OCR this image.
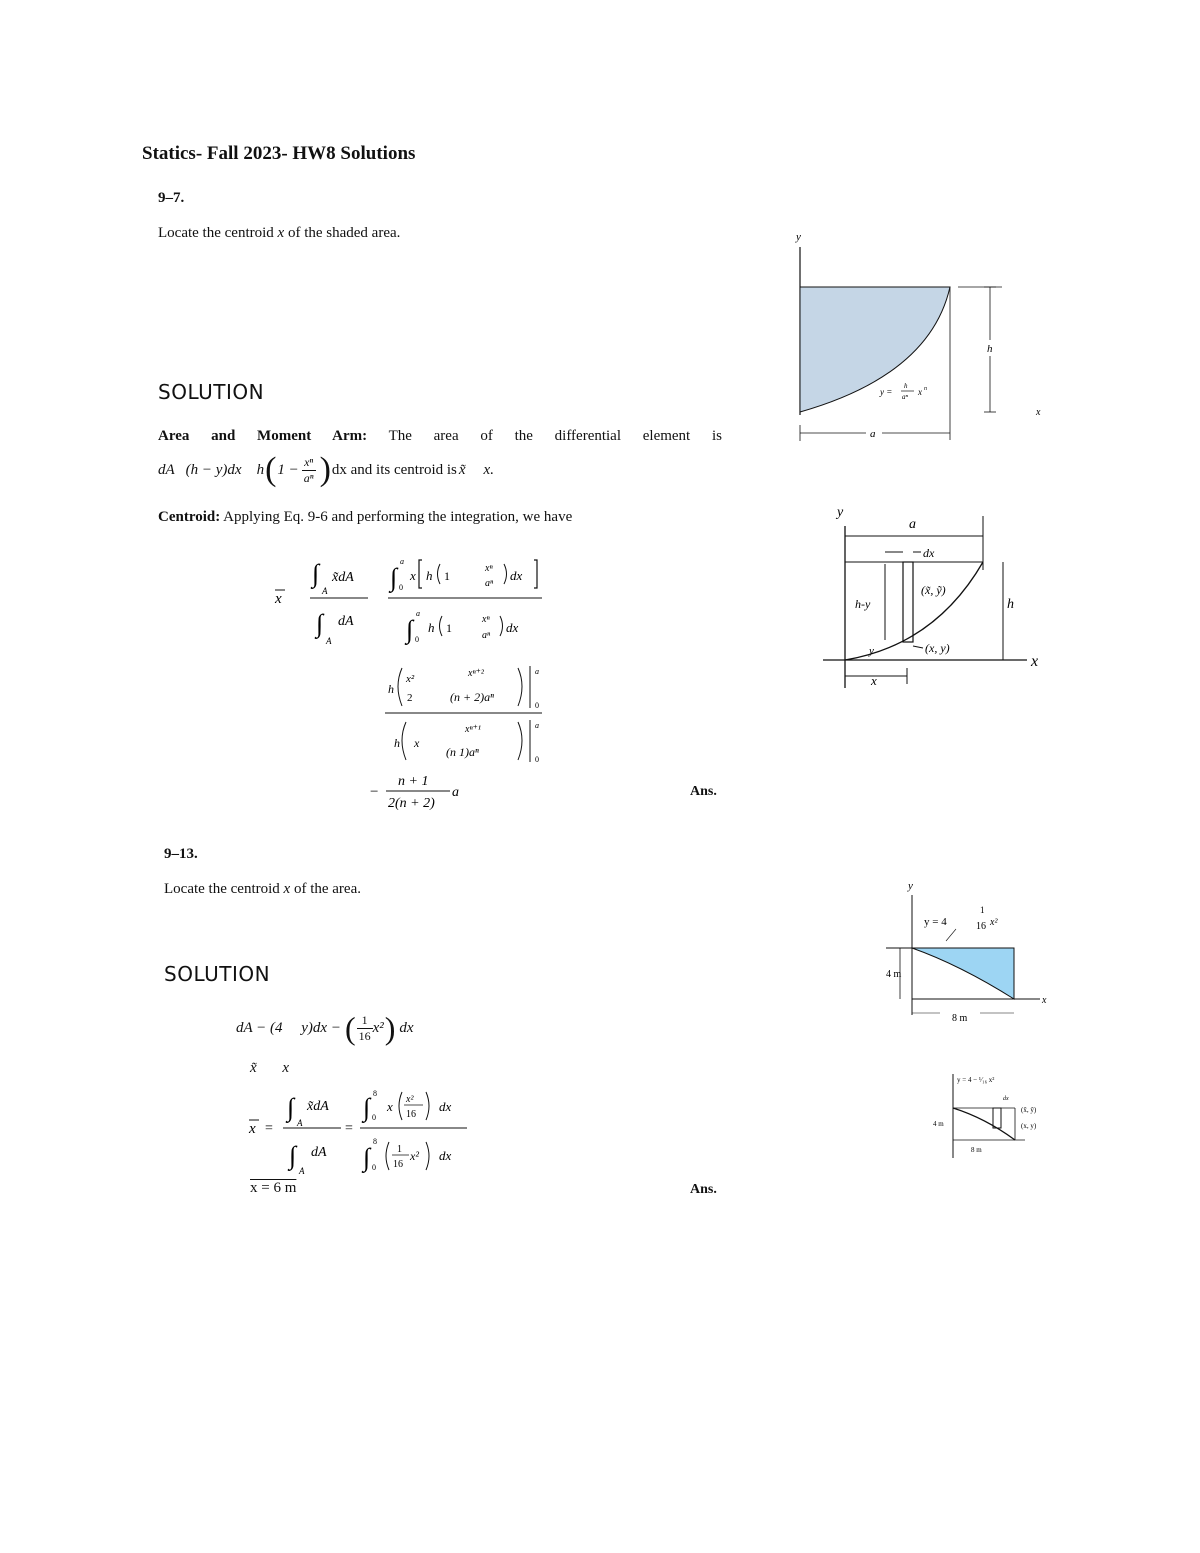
Statics- Fall 2023- HW8 Solutions
9–7.
Locate the centroid x of the shaded area.
SOLUTION
Area and Moment Arm: The area of the differential element is
dA   (h − y)dx    h ( $1 - \frac{\text{xⁿ}}{\text{aⁿ}}$ ) dx and its centroid is x̃ x.
Centroid: Applying Eq. 9-6 and performing the integration, we have
x
∫ x̃dA
A
∫ dA
A
∫
a
0
x h 1
xⁿ
aⁿ
dx
∫
a
0
h 1
xⁿ
aⁿ
dx
h
x²
2
xⁿ⁺²
(n + 2)aⁿ
a
0
h x
xⁿ⁺¹
(n 1)aⁿ
a
0
−
n + 1
2(n + 2)
a	Ans.
y
h
x
a
y =
h
aⁿ x n
y
x
a
dx
h
h-y
(x̃, ỹ)
(x, y)
y
x
9–13.
Locate the centroid x of the area.
SOLUTION
dA − (4     y)dx − ( $\frac{1}{16} x^2$ ) dx
x̃ x
x =
∫ x̃dA
A
∫ dA
A
=
∫ 8
0
x x²
16
dx
∫
8
0
1
16
x² dx
x = 6 m	Ans.
y
x
4 m
y = 4
1
16 x²
8 m
y = 4 − ¹⁄₁₆ x²
dx
(x̃, ỹ)
(x, y)
4 m
8 m
